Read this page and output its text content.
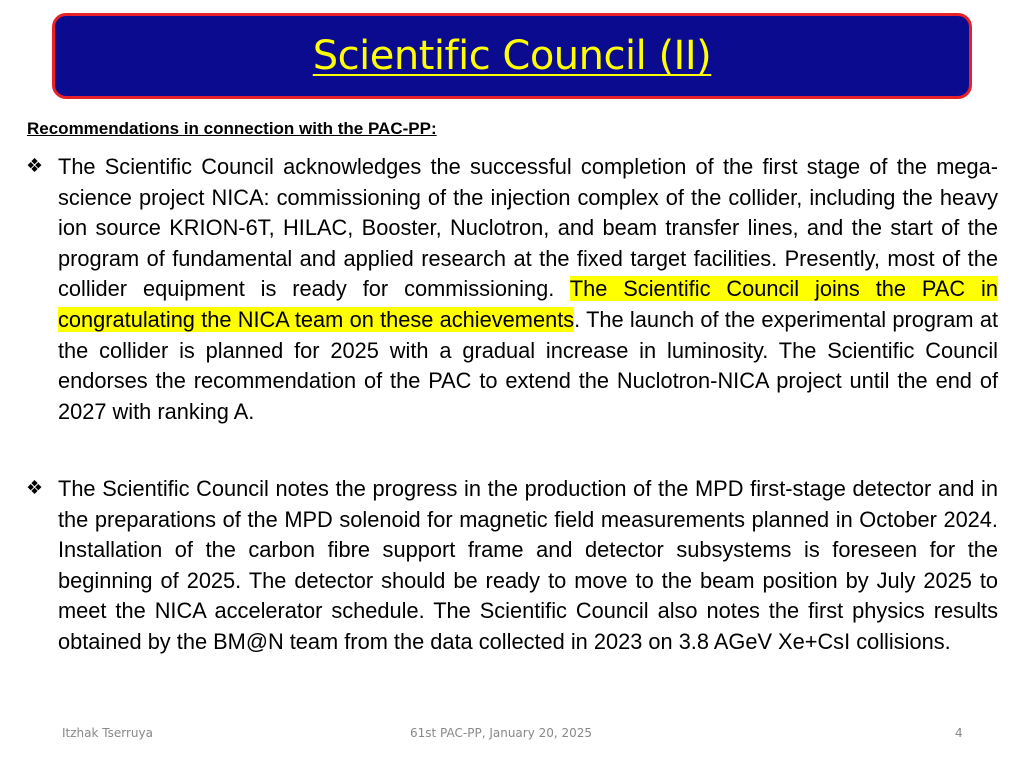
Scientific Council (II)
Recommendations in connection with the PAC-PP:
❖ The Scientific Council acknowledges the successful completion of the first stage of the mega-science project NICA: commissioning of the injection complex of the collider, including the heavy ion source KRION-6T, HILAC, Booster, Nuclotron, and beam transfer lines, and the start of the program of fundamental and applied research at the fixed target facilities. Presently, most of the collider equipment is ready for commissioning. The Scientific Council joins the PAC in congratulating the NICA team on these achievements. The launch of the experimental program at the collider is planned for 2025 with a gradual increase in luminosity. The Scientific Council endorses the recommendation of the PAC to extend the Nuclotron-NICA project until the end of 2027 with ranking A.
❖ The Scientific Council notes the progress in the production of the MPD first-stage detector and in the preparations of the MPD solenoid for magnetic field measurements planned in October 2024. Installation of the carbon fibre support frame and detector subsystems is foreseen for the beginning of 2025. The detector should be ready to move to the beam position by July 2025 to meet the NICA accelerator schedule. The Scientific Council also notes the first physics results obtained by the BM@N team from the data collected in 2023 on 3.8 AGeV Xe+CsI collisions.
Itzhak Tserruya	61st PAC-PP, January 20, 2025	4
